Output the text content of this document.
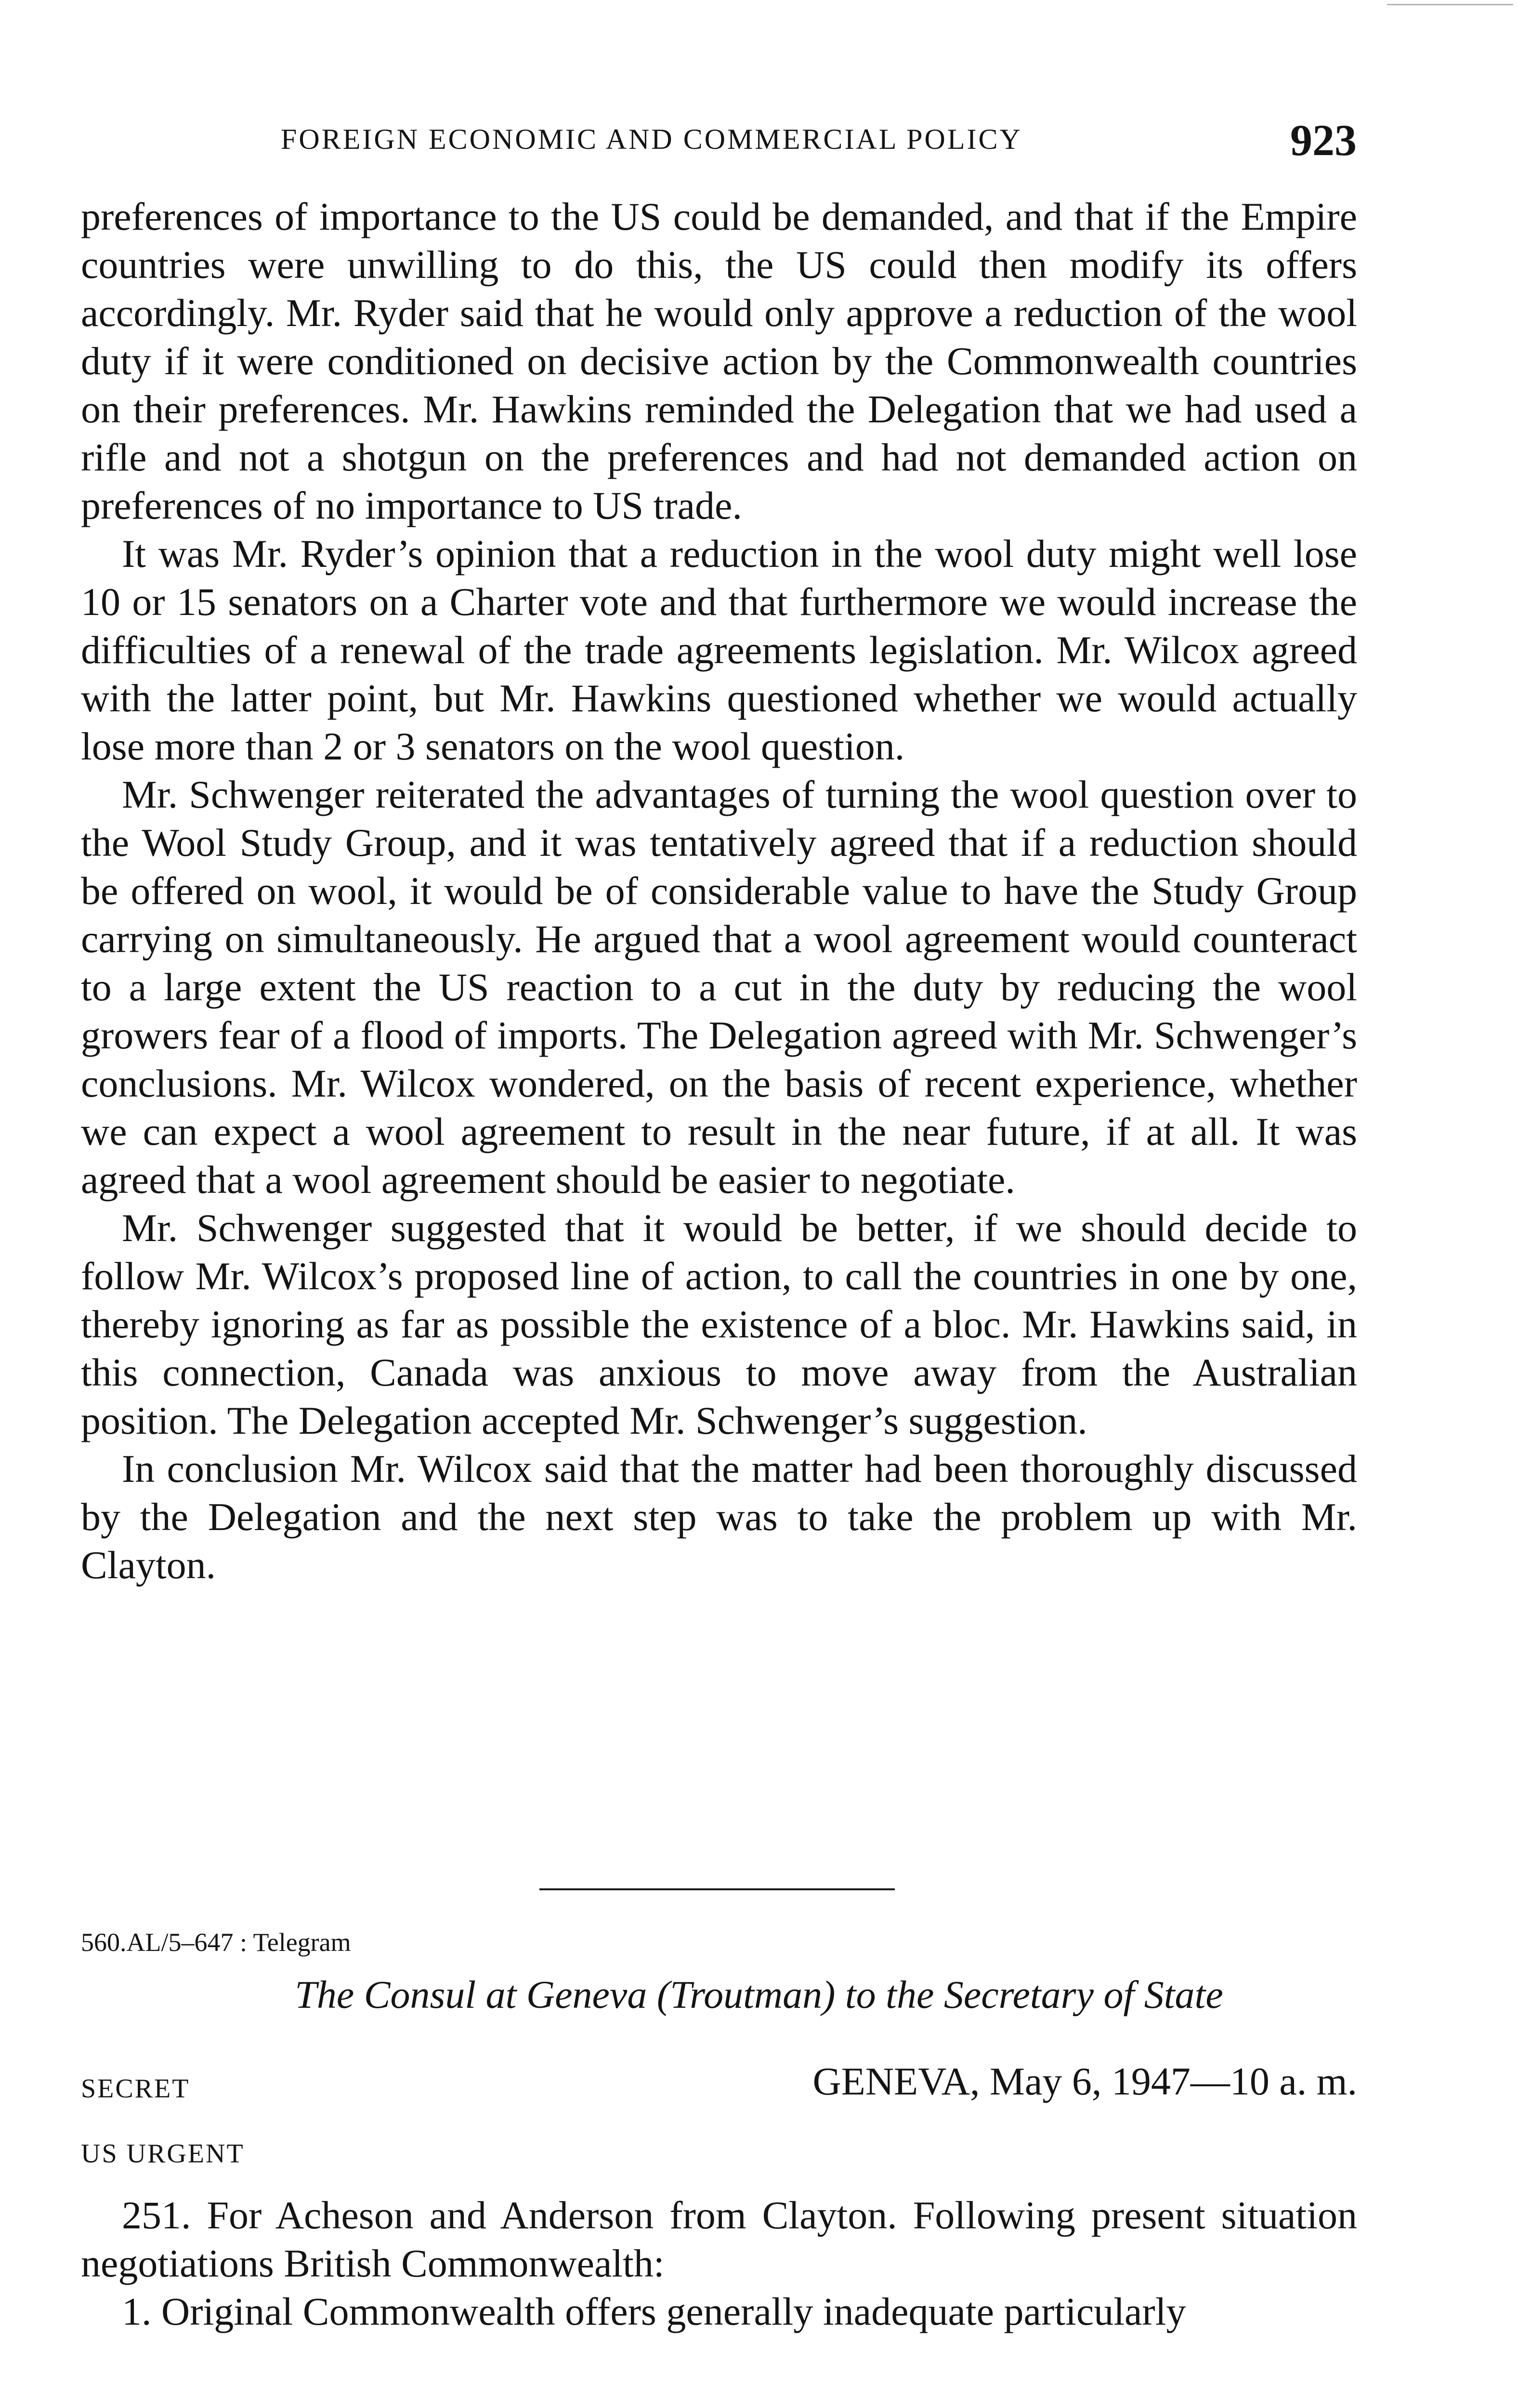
FOREIGN ECONOMIC AND COMMERCIAL POLICY	923

preferences of importance to the US could be demanded, and that if the Empire countries were unwilling to do this, the US could then modify its offers accordingly. Mr. Ryder said that he would only approve a reduction of the wool duty if it were conditioned on decisive action by the Commonwealth countries on their preferences. Mr. Hawkins reminded the Delegation that we had used a rifle and not a shotgun on the preferences and had not demanded action on preferences of no importance to US trade.

It was Mr. Ryder’s opinion that a reduction in the wool duty might well lose 10 or 15 senators on a Charter vote and that furthermore we would increase the difficulties of a renewal of the trade agreements legislation. Mr. Wilcox agreed with the latter point, but Mr. Hawkins questioned whether we would actually lose more than 2 or 3 senators on the wool question.

Mr. Schwenger reiterated the advantages of turning the wool question over to the Wool Study Group, and it was tentatively agreed that if a reduction should be offered on wool, it would be of considerable value to have the Study Group carrying on simultaneously. He argued that a wool agreement would counteract to a large extent the US reaction to a cut in the duty by reducing the wool growers fear of a flood of imports. The Delegation agreed with Mr. Schwenger’s conclusions. Mr. Wilcox wondered, on the basis of recent experience, whether we can expect a wool agreement to result in the near future, if at all. It was agreed that a wool agreement should be easier to negotiate.

Mr. Schwenger suggested that it would be better, if we should decide to follow Mr. Wilcox’s proposed line of action, to call the countries in one by one, thereby ignoring as far as possible the existence of a bloc. Mr. Hawkins said, in this connection, Canada was anxious to move away from the Australian position. The Delegation accepted Mr. Schwenger’s suggestion.

In conclusion Mr. Wilcox said that the matter had been thoroughly discussed by the Delegation and the next step was to take the problem up with Mr. Clayton.

560.AL/5–647 : Telegram
The Consul at Geneva (Troutman) to the Secretary of State
SECRET	GENEVA, May 6, 1947—10 a. m.
US URGENT

251. For Acheson and Anderson from Clayton. Following present situation negotiations British Commonwealth:

1. Original Commonwealth offers generally inadequate particularly
